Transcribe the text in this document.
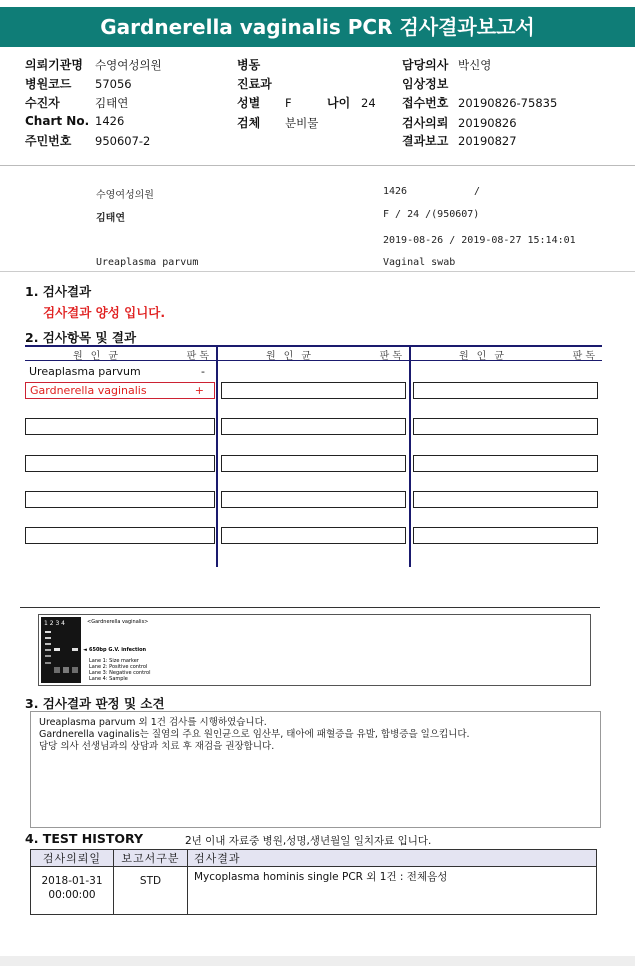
Gardnerella vaginalis PCR 검사결과보고서
의뢰기관명 수영여성의원
병원코드 57056
수진자	김태연
Chart No. 1426
주민번호 950607-2
병동
진료과
성별 F	나이 24
검체 분비물
담당의사 박신영
임상정보
접수번호 20190826-75835
검사의뢰 20190826
결과보고 20190827
수영여성의원	1426	/
김태연	F / 24 /(950607)
2019-08-26 / 2019-08-27 15:14:01
Ureaplasma parvum	Vaginal swab
1. 검사결과
검사결과 양성 입니다.
2. 검사항목 및 결과
원인균	판독	원인균	판독	원인균	판독
Ureaplasma parvum	-
Gardnerella vaginalis	+
1 2 3 4	<Gardnerella vaginalis>
◄ 650bp G.V. infection
Lane 1: Size marker
Lane 2: Positive control
Lane 3: Negative control
Lane 4: Sample
3. 검사결과 판정 및 소견
Ureaplasma parvum 외 1건 검사를 시행하였습니다.
Gardnerella vaginalis는 질염의 주요 원인균으로 임산부, 태아에 패혈증을 유발, 합병증을 일으킵니다.
담당 의사 선생님과의 상담과 치료 후 재검을 권장합니다.
4. TEST HISTORY	2년 이내 자료중 병원,성명,생년월일 일치자료 입니다.
검사의뢰일	보고서구분	검사결과

2018-01-31
00:00:00	STD	Mycoplasma hominis single PCR 외 1건 : 전체음성
